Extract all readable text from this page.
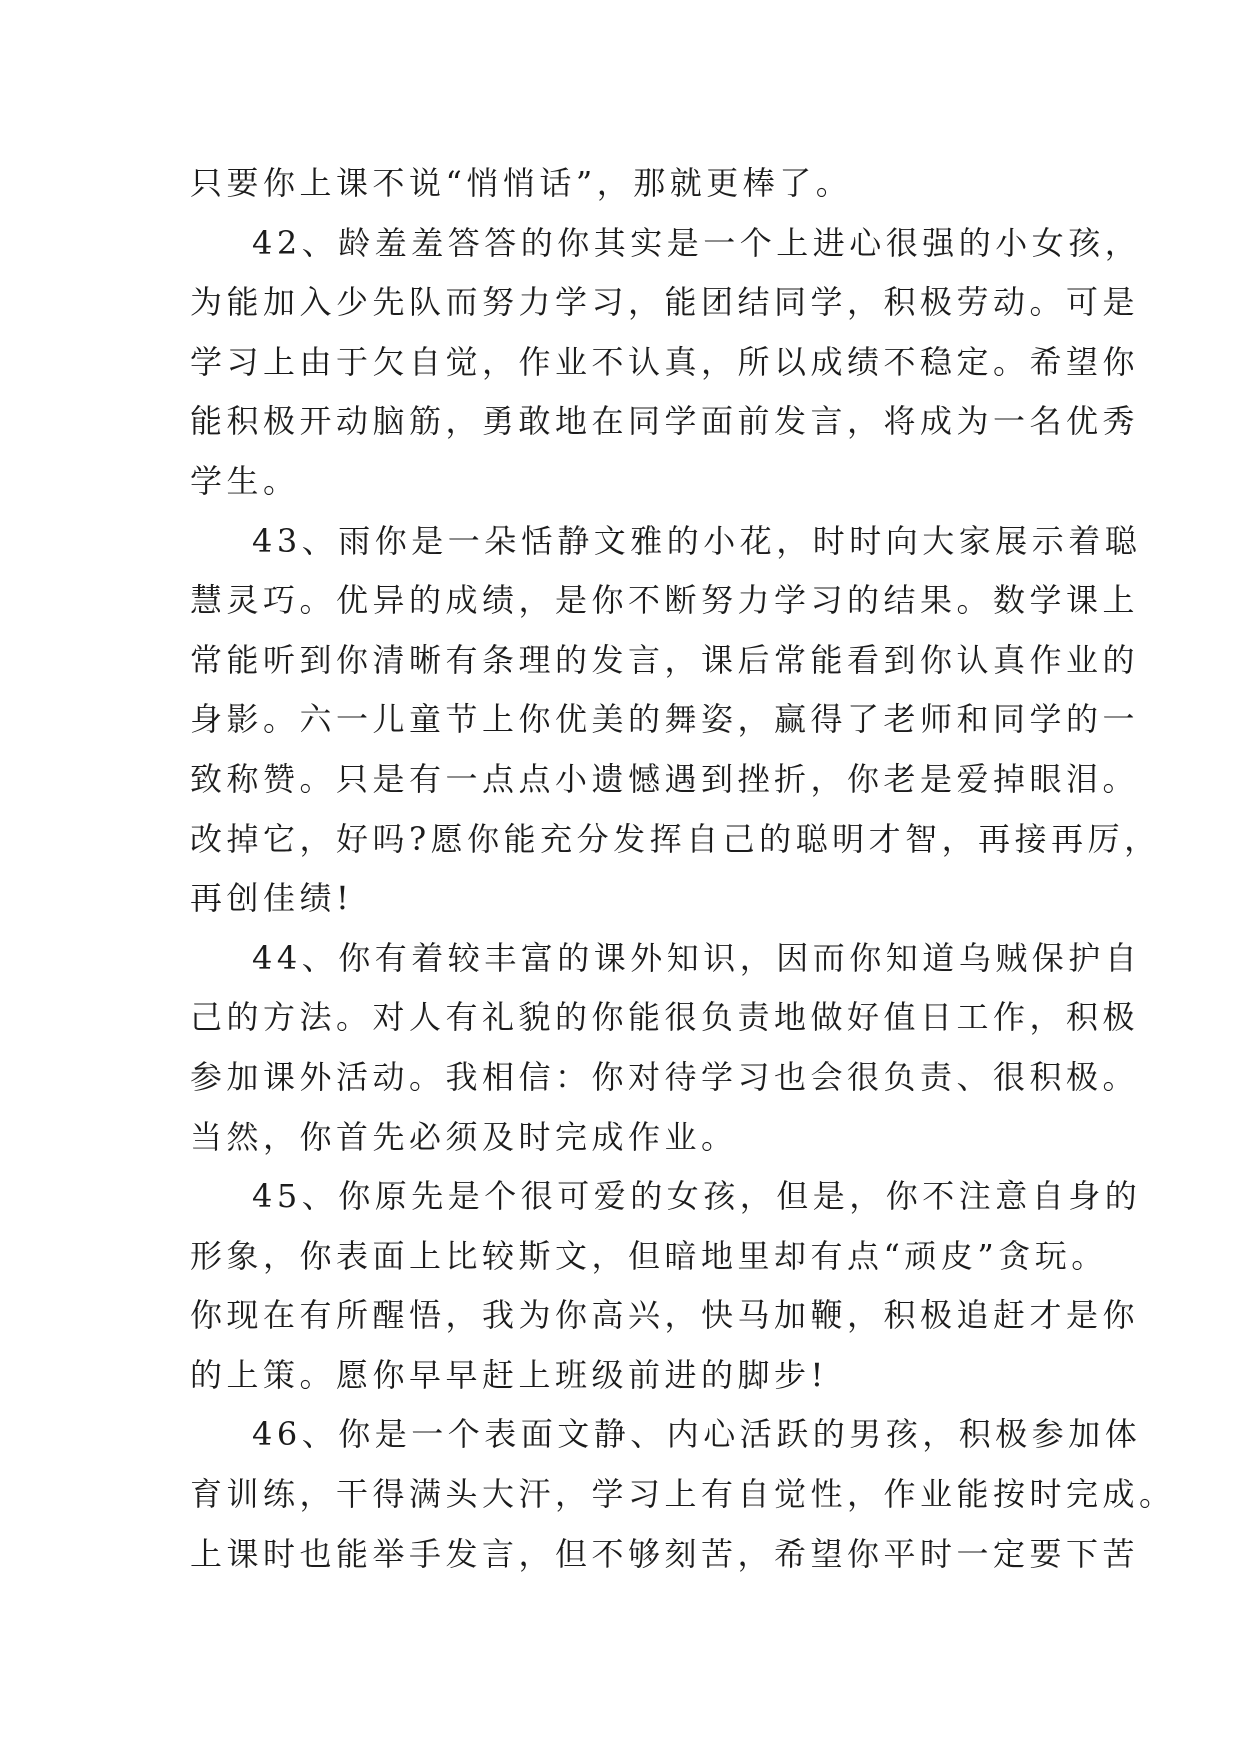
只要你上课不说“悄悄话”，那就更棒了。
42、龄羞羞答答的你其实是一个上进心很强的小女孩，
为能加入少先队而努力学习，能团结同学，积极劳动。可是
学习上由于欠自觉，作业不认真，所以成绩不稳定。希望你
能积极开动脑筋，勇敢地在同学面前发言，将成为一名优秀
学生。
43、雨你是一朵恬静文雅的小花，时时向大家展示着聪
慧灵巧。优异的成绩，是你不断努力学习的结果。数学课上
常能听到你清晰有条理的发言，课后常能看到你认真作业的
身影。六一儿童节上你优美的舞姿，赢得了老师和同学的一
致称赞。只是有一点点小遗憾遇到挫折，你老是爱掉眼泪。
改掉它，好吗?愿你能充分发挥自己的聪明才智，再接再厉，
再创佳绩!
44、你有着较丰富的课外知识，因而你知道乌贼保护自
己的方法。对人有礼貌的你能很负责地做好值日工作，积极
参加课外活动。我相信：你对待学习也会很负责、很积极。
当然，你首先必须及时完成作业。
45、你原先是个很可爱的女孩，但是，你不注意自身的
形象，你表面上比较斯文，但暗地里却有点“顽皮”贪玩。
你现在有所醒悟，我为你高兴，快马加鞭，积极追赶才是你
的上策。愿你早早赶上班级前进的脚步!
46、你是一个表面文静、内心活跃的男孩，积极参加体
育训练，干得满头大汗，学习上有自觉性，作业能按时完成。
上课时也能举手发言，但不够刻苦，希望你平时一定要下苦
